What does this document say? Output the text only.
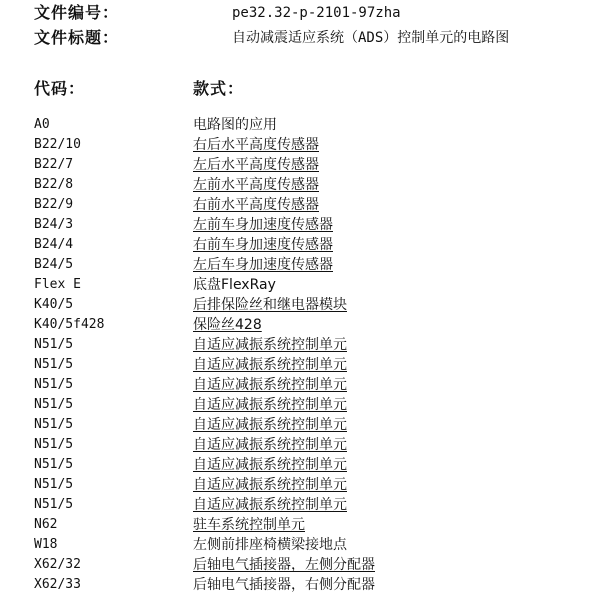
文件编号：	pe32.32-p-2101-97zha
文件标题：	自动减震适应系统（ADS）控制单元的电路图
代码：	款式：
A0	电路图的应用
B22/10	右后水平高度传感器
B22/7	左后水平高度传感器
B22/8	左前水平高度传感器
B22/9	右前水平高度传感器
B24/3	左前车身加速度传感器
B24/4	右前车身加速度传感器
B24/5	左后车身加速度传感器
Flex E	底盘FlexRay
K40/5	后排保险丝和继电器模块
K40/5f428	保险丝428
N51/5	自适应减振系统控制单元
N51/5	自适应减振系统控制单元
N51/5	自适应减振系统控制单元
N51/5	自适应减振系统控制单元
N51/5	自适应减振系统控制单元
N51/5	自适应减振系统控制单元
N51/5	自适应减振系统控制单元
N51/5	自适应减振系统控制单元
N51/5	自适应减振系统控制单元
N62	驻车系统控制单元
W18	左侧前排座椅横梁接地点
X62/32	后轴电气插接器，左侧分配器
X62/33	后轴电气插接器，右侧分配器
